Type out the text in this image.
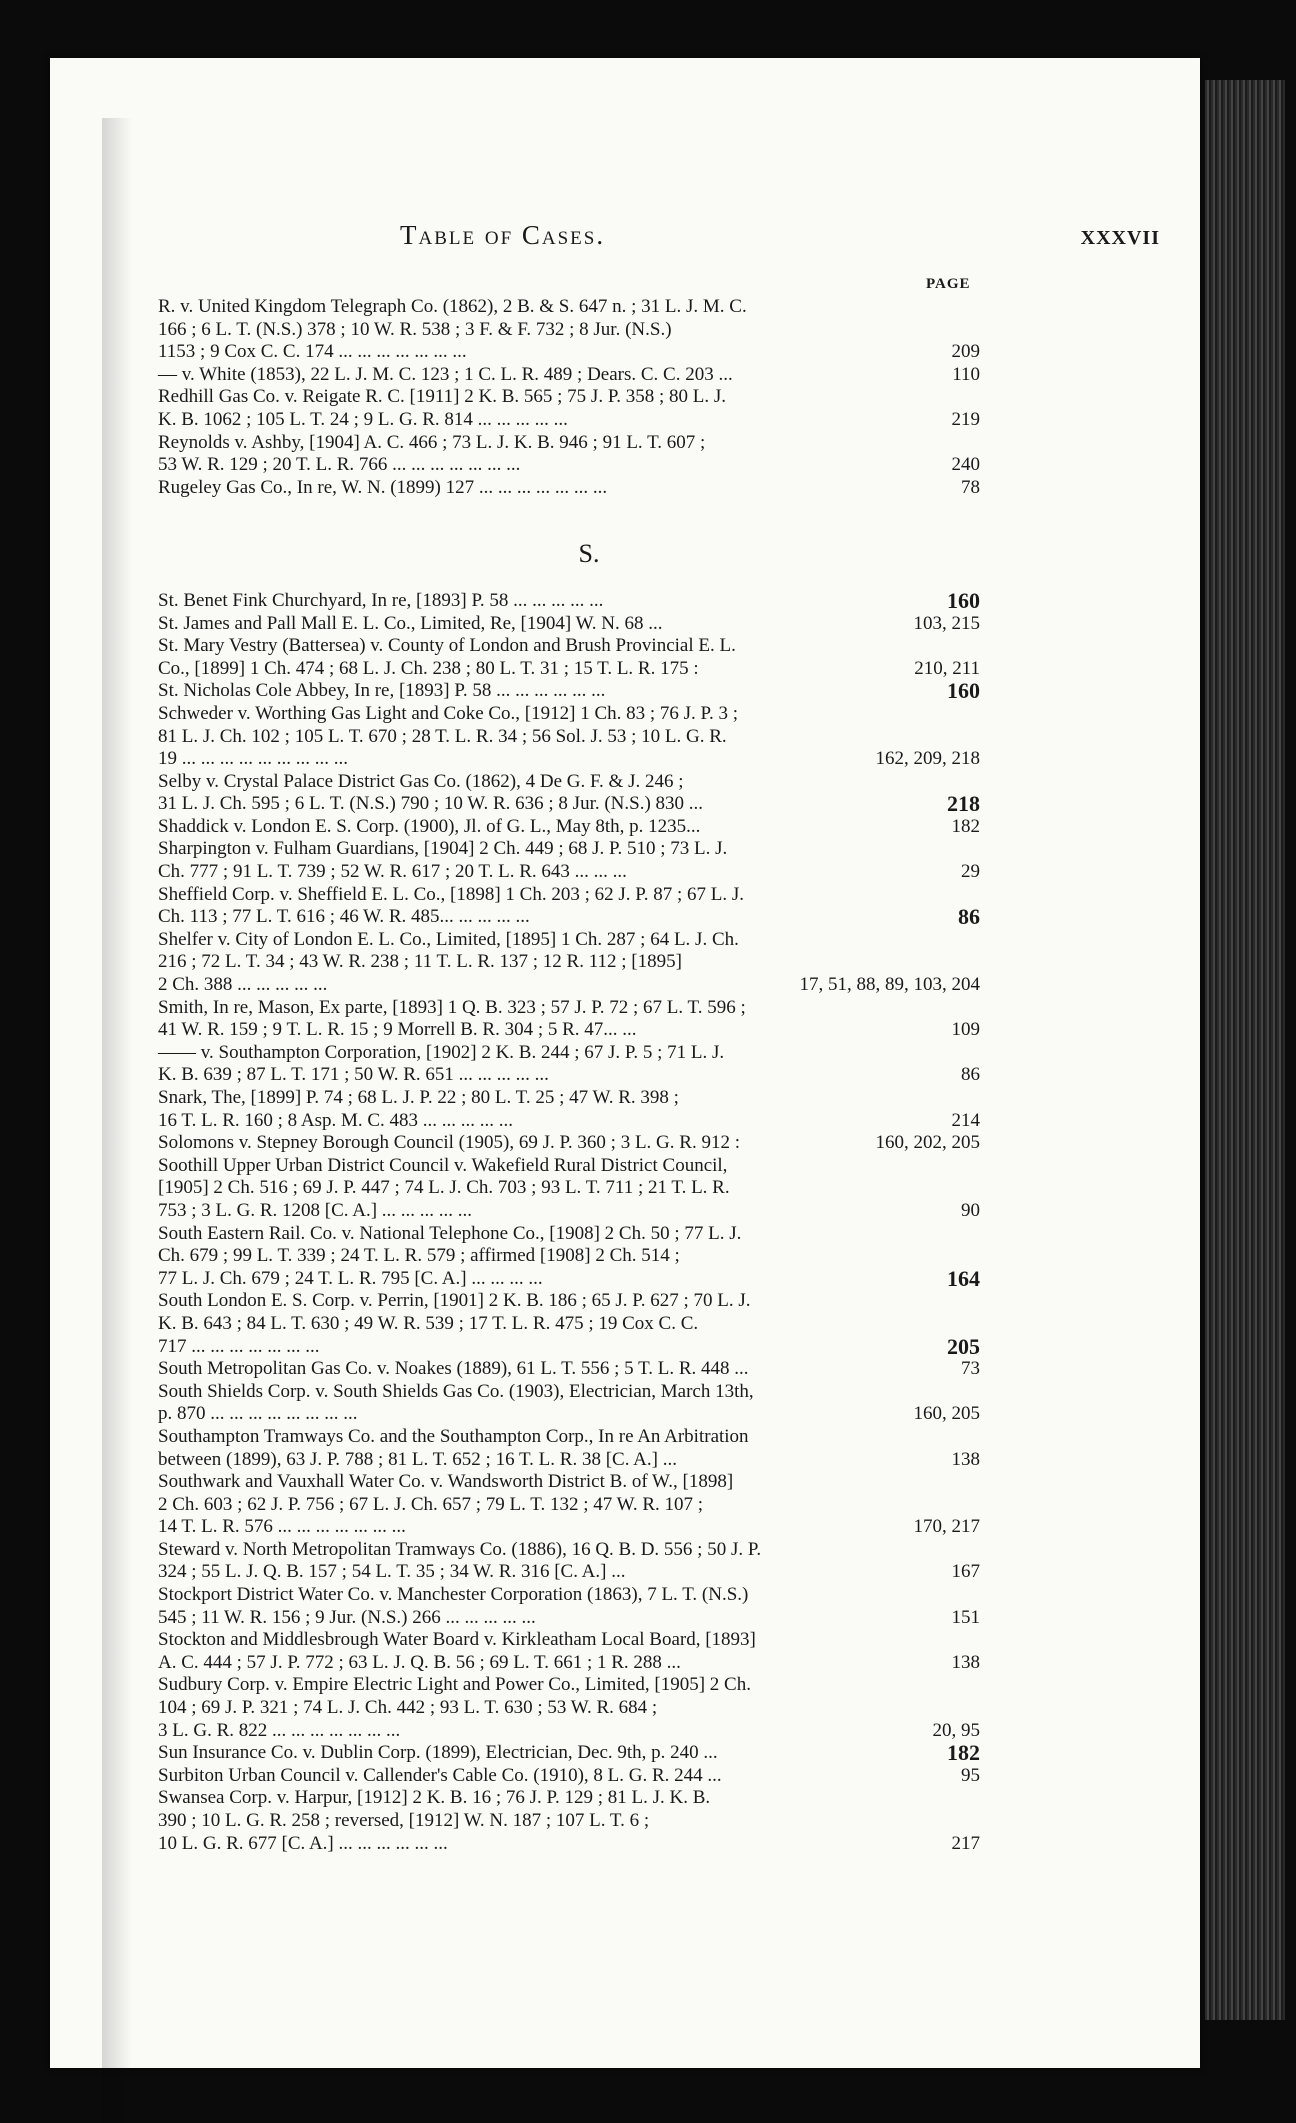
Table of Cases.	xxxvii
PAGE
R. v. United Kingdom Telegraph Co. (1862), 2 B. & S. 647 n. ; 31 L. J. M. C.
166 ; 6 L. T. (N.S.) 378 ; 10 W. R. 538 ; 3 F. & F. 732 ; 8 Jur. (N.S.)
1153 ; 9 Cox C. C. 174 ... ... ... ... ... ... ...	209
— v. White (1853), 22 L. J. M. C. 123 ; 1 C. L. R. 489 ; Dears. C. C. 203 ...	110
Redhill Gas Co. v. Reigate R. C. [1911] 2 K. B. 565 ; 75 J. P. 358 ; 80 L. J.
K. B. 1062 ; 105 L. T. 24 ; 9 L. G. R. 814 ... ... ... ... ...	219
Reynolds v. Ashby, [1904] A. C. 466 ; 73 L. J. K. B. 946 ; 91 L. T. 607 ;
53 W. R. 129 ; 20 T. L. R. 766 ... ... ... ... ... ... ...	240
Rugeley Gas Co., In re, W. N. (1899) 127 ... ... ... ... ... ... ...	78
S.
St. Benet Fink Churchyard, In re, [1893] P. 58 ... ... ... ... ...	160
St. James and Pall Mall E. L. Co., Limited, Re, [1904] W. N. 68 ...	103, 215
St. Mary Vestry (Battersea) v. County of London and Brush Provincial E. L.
Co., [1899] 1 Ch. 474 ; 68 L. J. Ch. 238 ; 80 L. T. 31 ; 15 T. L. R. 175 :	210, 211
St. Nicholas Cole Abbey, In re, [1893] P. 58 ... ... ... ... ... ...	160
Schweder v. Worthing Gas Light and Coke Co., [1912] 1 Ch. 83 ; 76 J. P. 3 ;
81 L. J. Ch. 102 ; 105 L. T. 670 ; 28 T. L. R. 34 ; 56 Sol. J. 53 ; 10 L. G. R.
19 ... ... ... ... ... ... ... ... ...	162, 209, 218
Selby v. Crystal Palace District Gas Co. (1862), 4 De G. F. & J. 246 ;
31 L. J. Ch. 595 ; 6 L. T. (N.S.) 790 ; 10 W. R. 636 ; 8 Jur. (N.S.) 830 ...	218
Shaddick v. London E. S. Corp. (1900), Jl. of G. L., May 8th, p. 1235...	182
Sharpington v. Fulham Guardians, [1904] 2 Ch. 449 ; 68 J. P. 510 ; 73 L. J.
Ch. 777 ; 91 L. T. 739 ; 52 W. R. 617 ; 20 T. L. R. 643 ... ... ...	29
Sheffield Corp. v. Sheffield E. L. Co., [1898] 1 Ch. 203 ; 62 J. P. 87 ; 67 L. J.
Ch. 113 ; 77 L. T. 616 ; 46 W. R. 485... ... ... ... ...	86
Shelfer v. City of London E. L. Co., Limited, [1895] 1 Ch. 287 ; 64 L. J. Ch.
216 ; 72 L. T. 34 ; 43 W. R. 238 ; 11 T. L. R. 137 ; 12 R. 112 ; [1895]
2 Ch. 388 ... ... ... ... ...	17, 51, 88, 89, 103, 204
Smith, In re, Mason, Ex parte, [1893] 1 Q. B. 323 ; 57 J. P. 72 ; 67 L. T. 596 ;
41 W. R. 159 ; 9 T. L. R. 15 ; 9 Morrell B. R. 304 ; 5 R. 47... ...	109
—— v. Southampton Corporation, [1902] 2 K. B. 244 ; 67 J. P. 5 ; 71 L. J.
K. B. 639 ; 87 L. T. 171 ; 50 W. R. 651 ... ... ... ... ...	86
Snark, The, [1899] P. 74 ; 68 L. J. P. 22 ; 80 L. T. 25 ; 47 W. R. 398 ;
16 T. L. R. 160 ; 8 Asp. M. C. 483 ... ... ... ... ...	214
Solomons v. Stepney Borough Council (1905), 69 J. P. 360 ; 3 L. G. R. 912 :	160, 202, 205
Soothill Upper Urban District Council v. Wakefield Rural District Council,
[1905] 2 Ch. 516 ; 69 J. P. 447 ; 74 L. J. Ch. 703 ; 93 L. T. 711 ; 21 T. L. R.
753 ; 3 L. G. R. 1208 [C. A.] ... ... ... ... ...	90
South Eastern Rail. Co. v. National Telephone Co., [1908] 2 Ch. 50 ; 77 L. J.
Ch. 679 ; 99 L. T. 339 ; 24 T. L. R. 579 ; affirmed [1908] 2 Ch. 514 ;
77 L. J. Ch. 679 ; 24 T. L. R. 795 [C. A.] ... ... ... ...	164
South London E. S. Corp. v. Perrin, [1901] 2 K. B. 186 ; 65 J. P. 627 ; 70 L. J.
K. B. 643 ; 84 L. T. 630 ; 49 W. R. 539 ; 17 T. L. R. 475 ; 19 Cox C. C.
717 ... ... ... ... ... ... ...	205
South Metropolitan Gas Co. v. Noakes (1889), 61 L. T. 556 ; 5 T. L. R. 448 ...	73
South Shields Corp. v. South Shields Gas Co. (1903), Electrician, March 13th,
p. 870 ... ... ... ... ... ... ... ...	160, 205
Southampton Tramways Co. and the Southampton Corp., In re An Arbitration
between (1899), 63 J. P. 788 ; 81 L. T. 652 ; 16 T. L. R. 38 [C. A.] ...	138
Southwark and Vauxhall Water Co. v. Wandsworth District B. of W., [1898]
2 Ch. 603 ; 62 J. P. 756 ; 67 L. J. Ch. 657 ; 79 L. T. 132 ; 47 W. R. 107 ;
14 T. L. R. 576 ... ... ... ... ... ... ...	170, 217
Steward v. North Metropolitan Tramways Co. (1886), 16 Q. B. D. 556 ; 50 J. P.
324 ; 55 L. J. Q. B. 157 ; 54 L. T. 35 ; 34 W. R. 316 [C. A.] ...	167
Stockport District Water Co. v. Manchester Corporation (1863), 7 L. T. (N.S.)
545 ; 11 W. R. 156 ; 9 Jur. (N.S.) 266 ... ... ... ... ...	151
Stockton and Middlesbrough Water Board v. Kirkleatham Local Board, [1893]
A. C. 444 ; 57 J. P. 772 ; 63 L. J. Q. B. 56 ; 69 L. T. 661 ; 1 R. 288 ...	138
Sudbury Corp. v. Empire Electric Light and Power Co., Limited, [1905] 2 Ch.
104 ; 69 J. P. 321 ; 74 L. J. Ch. 442 ; 93 L. T. 630 ; 53 W. R. 684 ;
3 L. G. R. 822 ... ... ... ... ... ... ...	20, 95
Sun Insurance Co. v. Dublin Corp. (1899), Electrician, Dec. 9th, p. 240 ...	182
Surbiton Urban Council v. Callender's Cable Co. (1910), 8 L. G. R. 244 ...	95
Swansea Corp. v. Harpur, [1912] 2 K. B. 16 ; 76 J. P. 129 ; 81 L. J. K. B.
390 ; 10 L. G. R. 258 ; reversed, [1912] W. N. 187 ; 107 L. T. 6 ;
10 L. G. R. 677 [C. A.] ... ... ... ... ... ...	217
